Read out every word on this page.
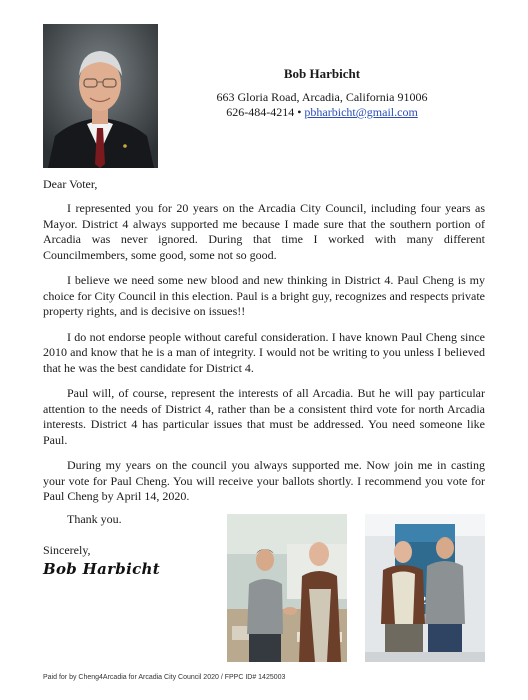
Bob Harbicht
663 Gloria Road, Arcadia, California 91006
626-484-4214 • pbharbicht@gmail.com
Dear Voter,

I represented you for 20 years on the Arcadia City Council, including four years as Mayor. District 4 always supported me because I made sure that the southern portion of Arcadia was never ignored. During that time I worked with many different Councilmembers, some good, some not so good.

I believe we need some new blood and new thinking in District 4. Paul Cheng is my choice for City Council in this election. Paul is a bright guy, recognizes and respects private property rights, and is decisive on issues!!

I do not endorse people without careful consideration. I have known Paul Cheng since 2010 and know that he is a man of integrity. I would not be writing to you unless I believed that he was the best candidate for District 4.

Paul will, of course, represent the interests of all Arcadia. But he will pay particular attention to the needs of District 4, rather than be a consistent third vote for north Arcadia interests. District 4 has particular issues that must be addressed. You need someone like Paul.

During my years on the council you always supported me. Now join me in casting your vote for Paul Cheng. You will receive your ballots shortly. I recommend you vote for Paul Cheng by April 14, 2020.

Thank you.
Sincerely,
Bob Harbicht
Paid for by Cheng4Arcadia for Arcadia City Council 2020 / FPPC ID# 1425003
